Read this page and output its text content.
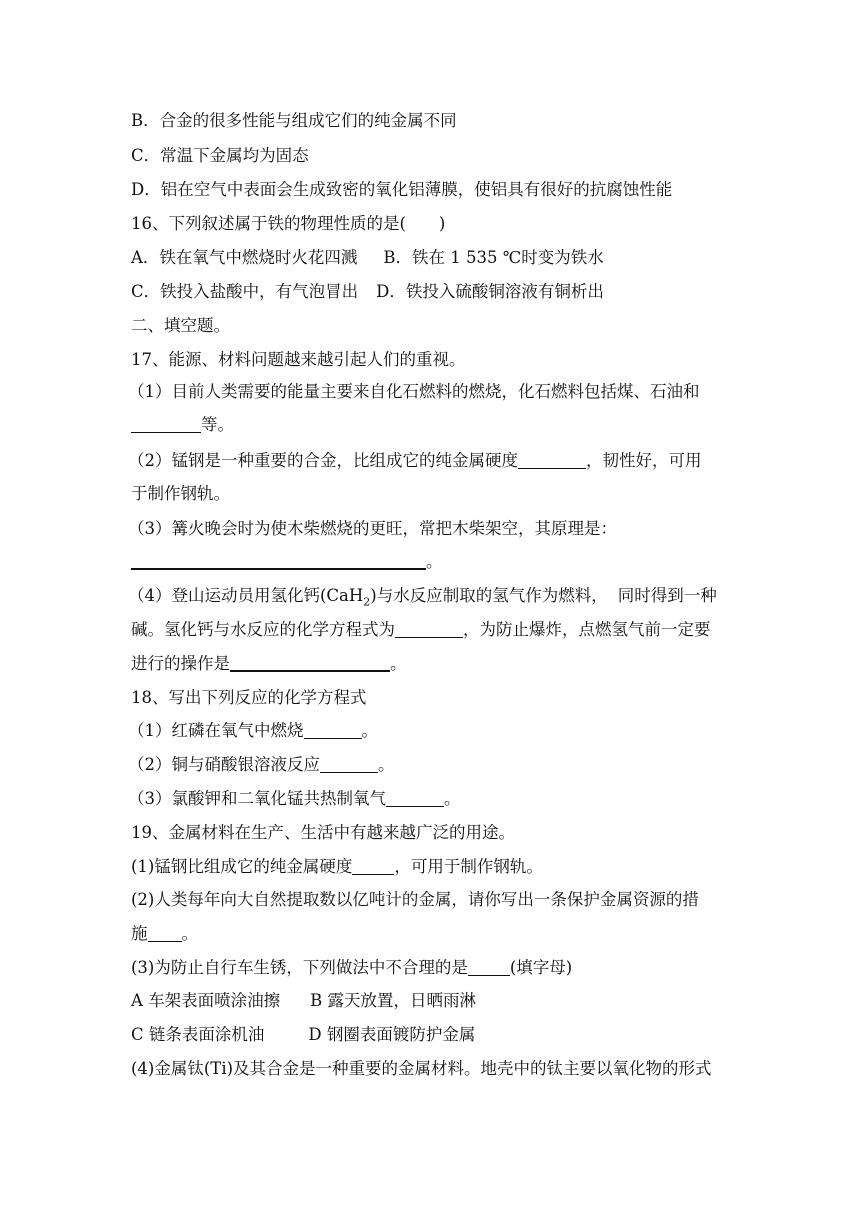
B．合金的很多性能与组成它们的纯金属不同
C．常温下金属均为固态
D．铝在空气中表面会生成致密的氧化铝薄膜，使铝具有很好的抗腐蚀性能
16、下列叙述属于铁的物理性质的是(　　)
A．铁在氧气中燃烧时火花四溅 B．铁在 1 535 ℃时变为铁水
C．铁投入盐酸中，有气泡冒出 D．铁投入硫酸铜溶液有铜析出
二、填空题。
17、能源、材料问题越来越引起人们的重视。
（1）目前人类需要的能量主要来自化石燃料的燃烧，化石燃料包括煤、石油和
等。
（2）锰钢是一种重要的合金，比组成它的纯金属硬度	，韧性好，可用
于制作钢轨。
（3）篝火晚会时为使木柴燃烧的更旺，常把木柴架空，其原理是：
。
（4）登山运动员用氢化钙(CaH$_2$)与水反应制取的氢气作为燃料， 同时得到一种
碱。氢化钙与水反应的化学方程式为	，为防止爆炸，点燃氢气前一定要
进行的操作是	。
18、写出下列反应的化学方程式
（1）红磷在氧气中燃烧	。
（2）铜与硝酸银溶液反应	。
（3）氯酸钾和二氧化锰共热制氧气	。
19、金属材料在生产、生活中有越来越广泛的用途。
(1)锰钢比组成它的纯金属硬度	，可用于制作钢轨。
(2)人类每年向大自然提取数以亿吨计的金属，请你写出一条保护金属资源的措
施 。
(3)为防止自行车生锈，下列做法中不合理的是	(填字母)
A 车架表面喷涂油擦 B 露天放置，日晒雨淋
C 链条表面涂机油	D 钢圈表面镀防护金属
(4)金属钛(Ti)及其合金是一种重要的金属材料。地壳中的钛主要以氧化物的形式
